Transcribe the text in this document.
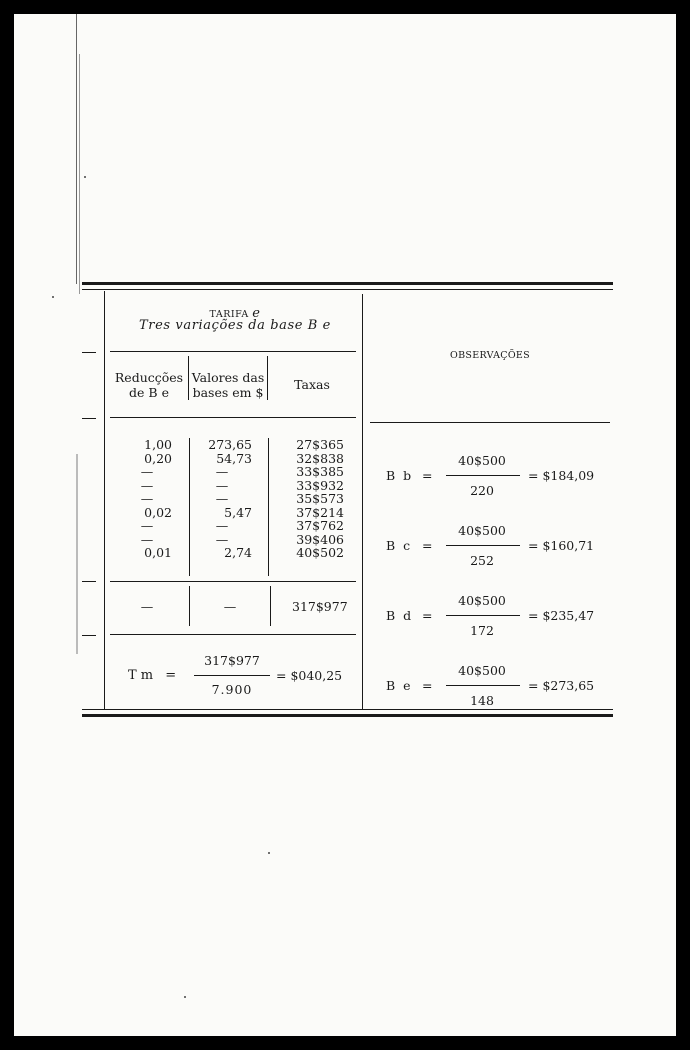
TARIFA e
Tres variações da base B e
Reducções
de B e
Valores das
bases em $
Taxas
1,00
0,20
—
—
—
0,02
—
—
0,01
273,65
54,73
—
—
—
5,47
—
—
2,74
27$365
32$838
33$385
33$932
35$573
37$214
37$762
39$406
40$502
—	—	317$977
T m =
317$977
7.900
= $040,25
OBSERVAÇÕES
B b =
40$500
220
= $184,09
B c =
40$500
252
= $160,71
B d =
40$500
172
= $235,47
B e =
40$500
148
= $273,65
